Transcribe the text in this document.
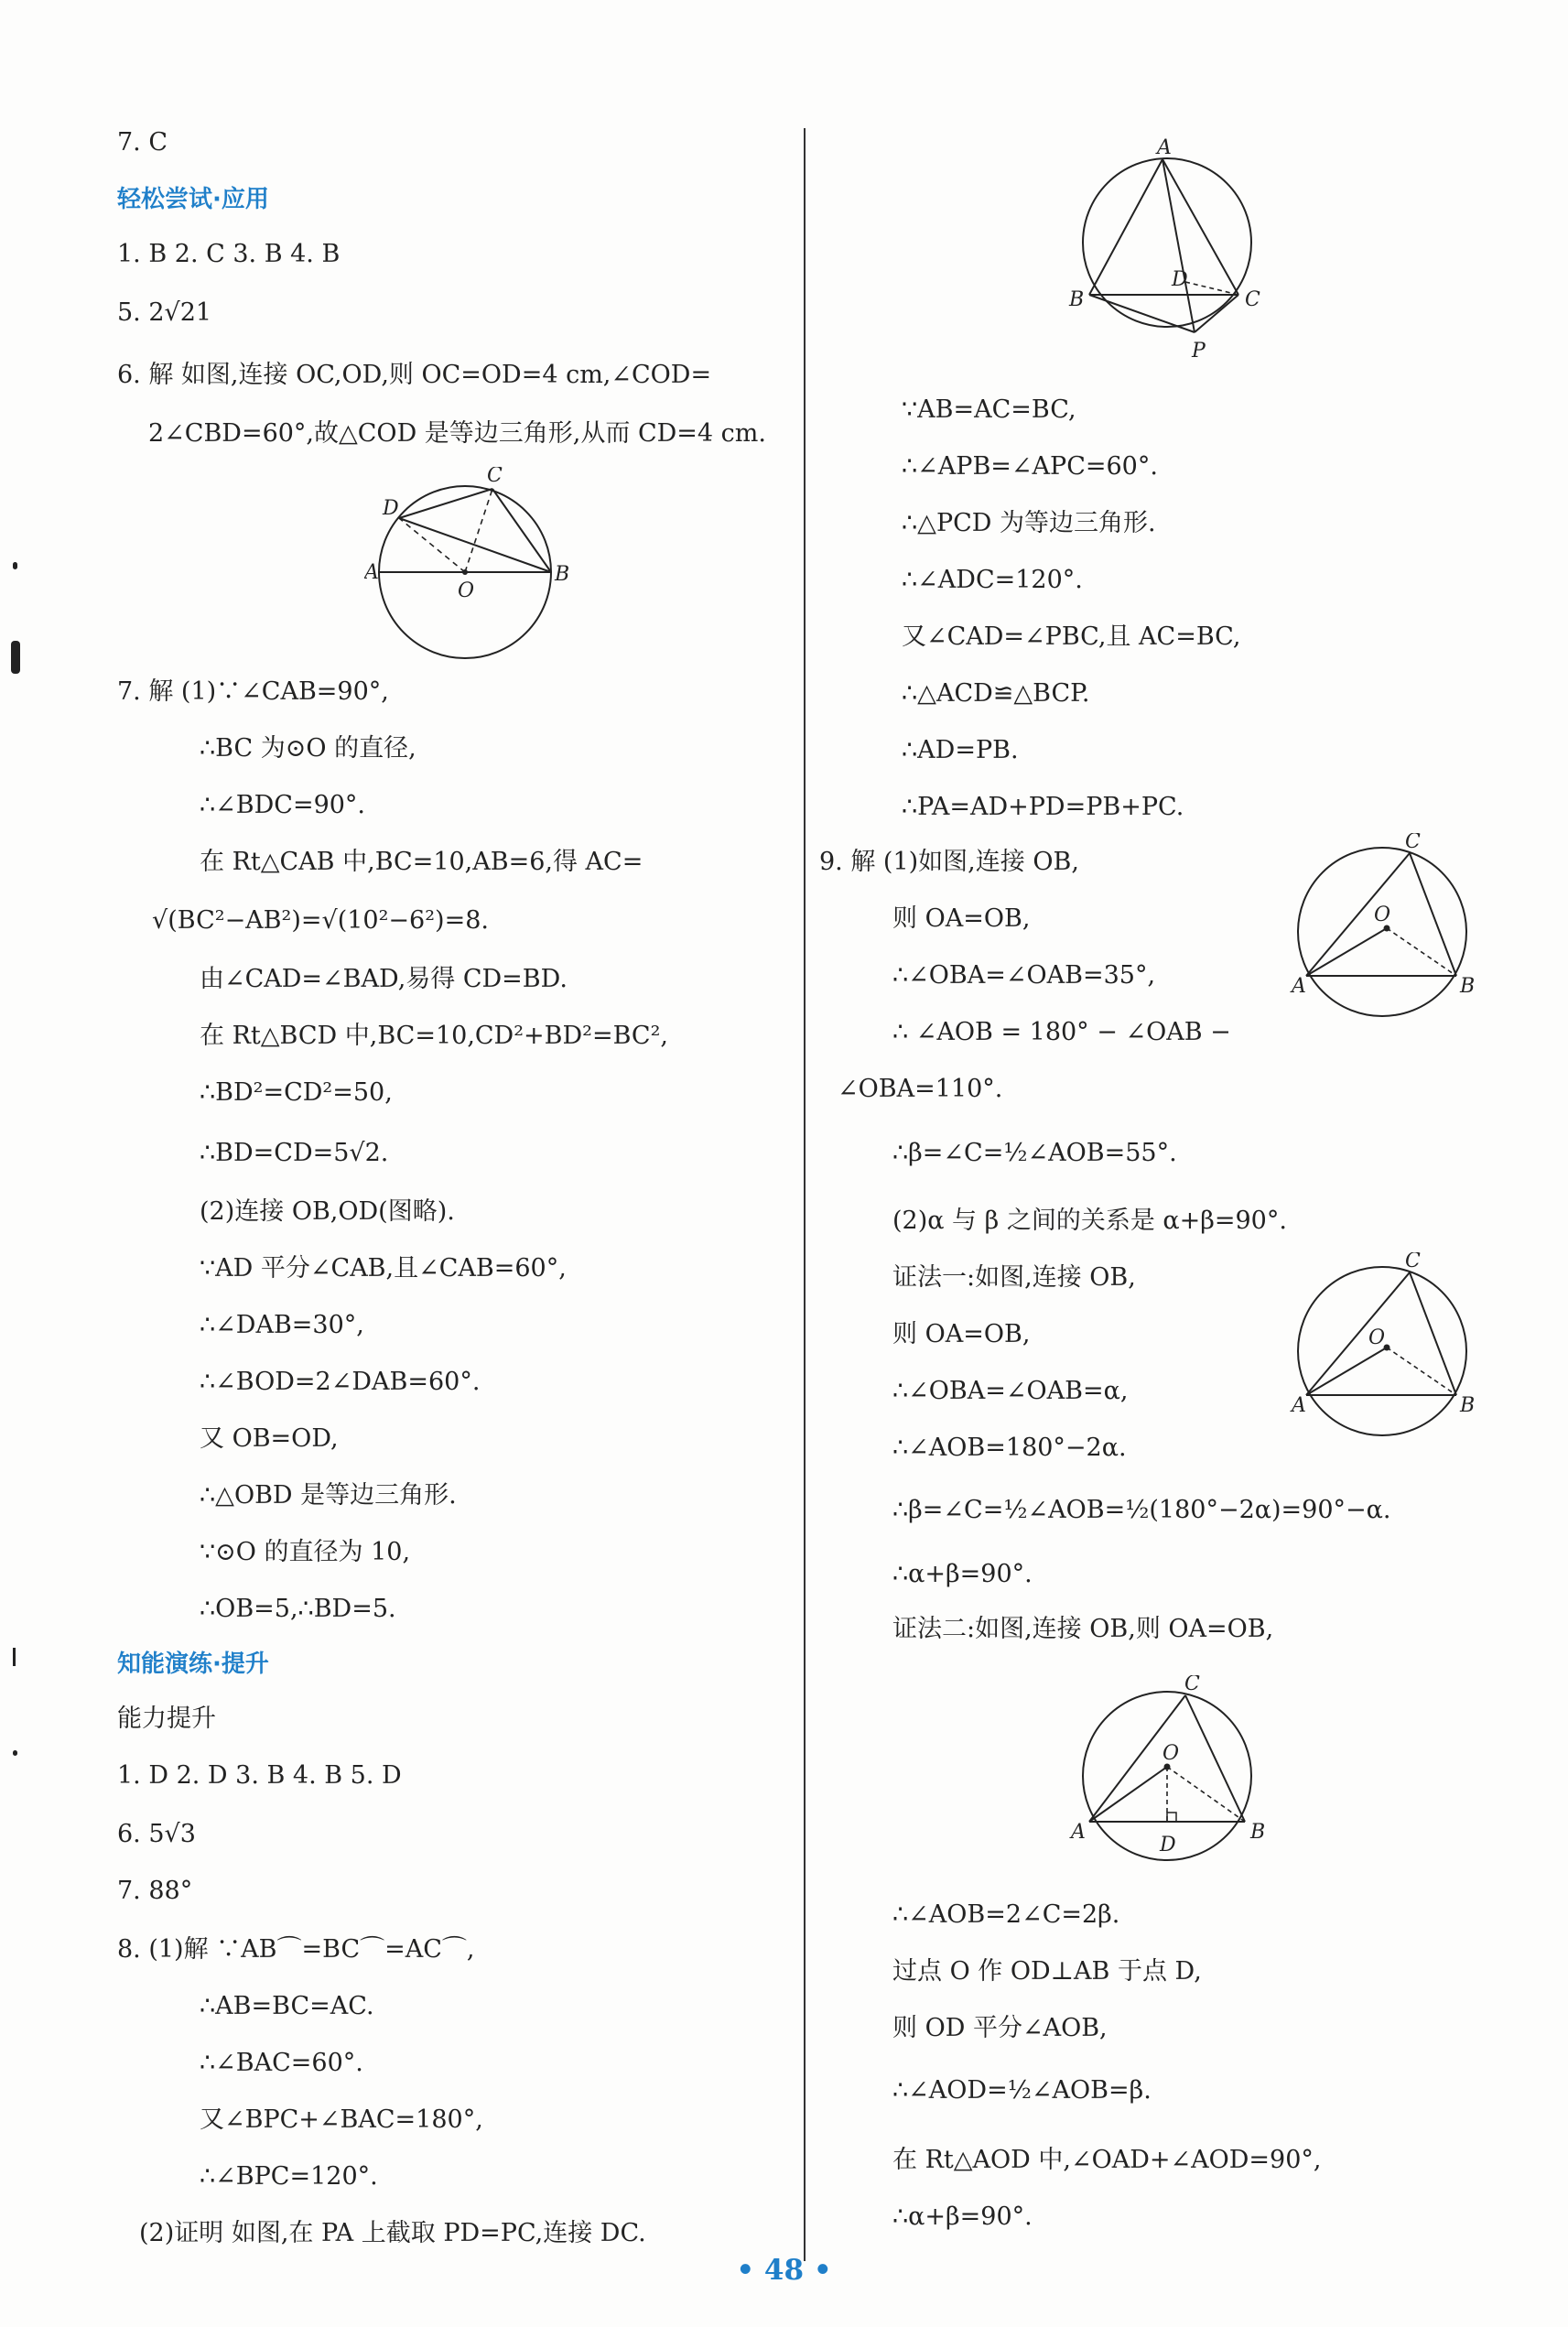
7. C
轻松尝试·应用
1. B 2. C 3. B 4. B
5. 2√21
6. 解 如图,连接 OC,OD,则 OC=OD=4 cm,∠COD=
2∠CBD=60°,故△COD 是等边三角形,从而 CD=4 cm.
A	B
C
D
O
7. 解 (1)∵∠CAB=90°,
∴BC 为⊙O 的直径,
∴∠BDC=90°.
在 Rt△CAB 中,BC=10,AB=6,得 AC=
√(BC²−AB²)=√(10²−6²)=8.
由∠CAD=∠BAD,易得 CD=BD.
在 Rt△BCD 中,BC=10,CD²+BD²=BC²,
∴BD²=CD²=50,
∴BD=CD=5√2.
(2)连接 OB,OD(图略).
∵AD 平分∠CAB,且∠CAB=60°,
∴∠DAB=30°,
∴∠BOD=2∠DAB=60°.
又 OB=OD,
∴△OBD 是等边三角形.
∵⊙O 的直径为 10,
∴OB=5,∴BD=5.
知能演练·提升
能力提升
1. D 2. D 3. B 4. B 5. D
6. 5√3
7. 88°
8. (1)解 ∵AB⌒=BC⌒=AC⌒,
∴AB=BC=AC.
∴∠BAC=60°.
又∠BPC+∠BAC=180°,
∴∠BPC=120°.
(2)证明 如图,在 PA 上截取 PD=PC,连接 DC.
A
B	C
D
P
∵AB=AC=BC,
∴∠APB=∠APC=60°.
∴△PCD 为等边三角形.
∴∠ADC=120°.
又∠CAD=∠PBC,且 AC=BC,
∴△ACD≌△BCP.
∴AD=PB.
∴PA=AD+PD=PB+PC.
9. 解 (1)如图,连接 OB,
则 OA=OB,
∴∠OBA=∠OAB=35°,
∴ ∠AOB = 180° − ∠OAB −
A	B
C
O
∠OBA=110°.
∴β=∠C=½∠AOB=55°.
(2)α 与 β 之间的关系是 α+β=90°.
证法一:如图,连接 OB,
则 OA=OB,
∴∠OBA=∠OAB=α,
∴∠AOB=180°−2α.
A	B
C
O
∴β=∠C=½∠AOB=½(180°−2α)=90°−α.
∴α+β=90°.
证法二:如图,连接 OB,则 OA=OB,
A	B
C
O
D
∴∠AOB=2∠C=2β.
过点 O 作 OD⊥AB 于点 D,
则 OD 平分∠AOB,
∴∠AOD=½∠AOB=β.
在 Rt△AOD 中,∠OAD+∠AOD=90°,
∴α+β=90°.
• 48 •
